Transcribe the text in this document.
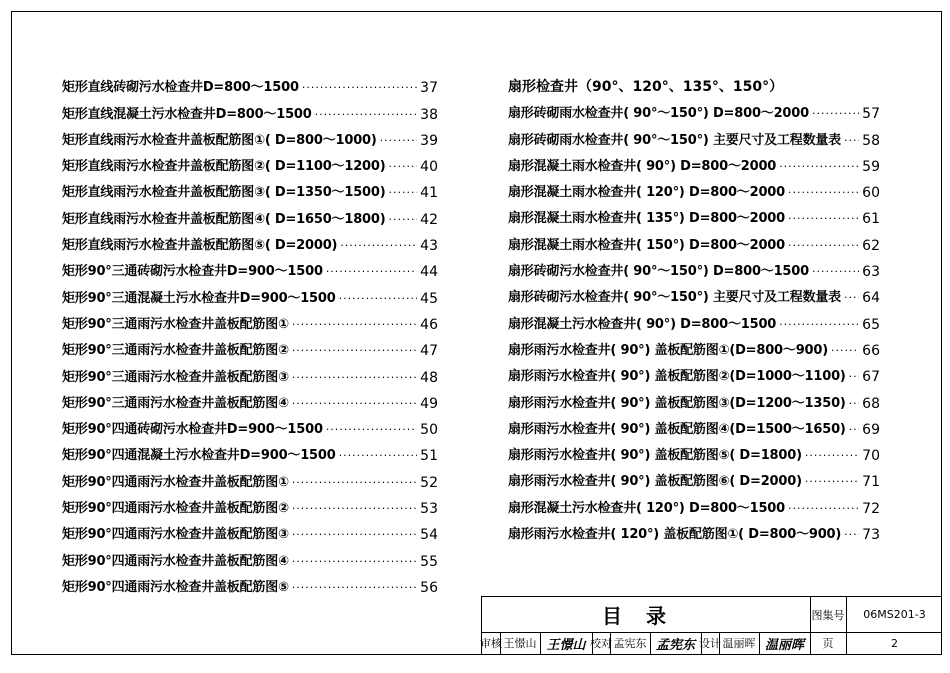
矩形直线砖砌污水检查井 D=800～1500 ·····	37
矩形直线混凝土污水检查井 D=800～1500 ·····	38
矩形直线雨污水检查井盖板配筋图① ( D=800～1000) ·····	39
矩形直线雨污水检查井盖板配筋图② ( D=1100～1200) ····· 40
矩形直线雨污水检查井盖板配筋图③ ( D=1350～1500) ····· 41
矩形直线雨污水检查井盖板配筋图④ ( D=1650～1800) ····· 42
矩形直线雨污水检查井盖板配筋图⑤ ( D=2000) ·····	43
矩形90°三通砖砌污水检查井 D=900～1500 ·····	44
矩形90°三通混凝土污水检查井 D=900～1500 ·····	45
矩形90°三通雨污水检查井盖板配筋图① ·····	46
矩形90°三通雨污水检查井盖板配筋图② ·····	47
矩形90°三通雨污水检查井盖板配筋图③ ·····	48
矩形90°三通雨污水检查井盖板配筋图④ ·····	49
矩形90°四通砖砌污水检查井 D=900～1500 ·····	50
矩形90°四通混凝土污水检查井 D=900～1500 ·····	51
矩形90°四通雨污水检查井盖板配筋图① ·····	52
矩形90°四通雨污水检查井盖板配筋图② ·····	53
矩形90°四通雨污水检查井盖板配筋图③ ·····	54
矩形90°四通雨污水检查井盖板配筋图④ ·····	55
矩形90°四通雨污水检查井盖板配筋图⑤ ·····	56
扇形检查井（90°、120°、135°、150°）
扇形砖砌雨水检查井 ( 90°～150°) D=800～2000 ·····	57
扇形砖砌雨水检查井 ( 90°～150°) 主要尺寸及工程数量表 ····· 58
扇形混凝土雨水检查井 ( 90°) D=800～2000 ·····	59
扇形混凝土雨水检查井 ( 120°) D=800～2000 ·····	60
扇形混凝土雨水检查井 ( 135°) D=800～2000 ·····	61
扇形混凝土雨水检查井 ( 150°) D=800～2000 ·····	62
扇形砖砌污水检查井 ( 90°～150°) D=800～1500 ·····	63
扇形砖砌污水检查井 ( 90°～150°) 主要尺寸及工程数量表 ····· 64
扇形混凝土污水检查井 ( 90°) D=800～1500 ·····	65
扇形雨污水检查井 ( 90°) 盖板配筋图①(D=800～900) ····· 66
扇形雨污水检查井 ( 90°) 盖板配筋图②(D=1000～1100) ····· 67
扇形雨污水检查井 ( 90°) 盖板配筋图③(D=1200～1350) ····· 68
扇形雨污水检查井 ( 90°) 盖板配筋图④(D=1500～1650) ····· 69
扇形雨污水检查井 ( 90°) 盖板配筋图⑤( D=1800) ·····	70
扇形雨污水检查井 ( 90°) 盖板配筋图⑥( D=2000) ·····	71
扇形混凝土污水检查井 ( 120°) D=800～1500 ·····	72
扇形雨污水检查井 ( 120°) 盖板配筋图①( D=800～900) ····· 73
目录	图集号	06MS201-3
审核 王憬山 王憬山 校对 孟宪东 孟宪东 设计 温丽晖 温丽晖	页	2
